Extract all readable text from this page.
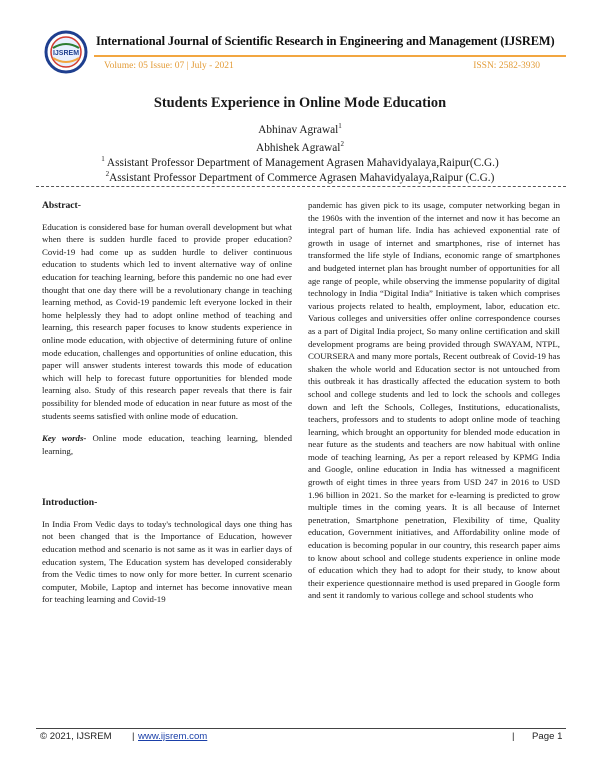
IJSREM
International Journal of Scientific Research in Engineering and Management (IJSREM)
Volume: 05 Issue: 07 | July - 2021	ISSN: 2582-3930
Students Experience in Online Mode Education
Abhinav Agrawal$^1$
Abhishek Agrawal$^2$
$^1$ Assistant Professor Department of Management Agrasen Mahavidyalaya,Raipur(C.G.)
$^2$Assistant Professor Department of Commerce Agrasen Mahavidyalaya,Raipur (C.G.)

Abstract-

Education is considered base for human overall development but what when there is sudden hurdle faced to provide proper education? Covid-19 had come up as sudden hurdle to deliver continuous education to students which led to invent alternative way of online education for teaching learning, before this pandemic no one had ever thought that one day there will be a revolutionary change in teaching learning method, as Covid-19 pandemic left everyone locked in their home helplessly they had to adopt online method of teaching and learning, this research paper focuses to know students experience in online mode education, with objective of determining future of online mode education, challenges and opportunities of online education, this paper will answer students interest towards this mode of education which will help to forecast future opportunities for blended mode learning also. Study of this research paper reveals that there is fair possibility for blended mode of education in near future as most of the students seems satisfied with online mode of education.

Key words- Online mode education, teaching learning, blended learning,

Introduction-

In India From Vedic days to today's technological days one thing has not been changed that is the Importance of Education, however education method and scenario is not same as it was in earlier days of education system, The Education system has developed considerably from the Vedic times to now only for more better. In current scenario computer, Mobile, Laptop and internet has become innovative mean for teaching learning and Covid-19

pandemic has given pick to its usage, computer networking began in the 1960s with the invention of the internet and now it has become an integral part of human life. India has achieved exponential rate of growth in usage of internet and smartphones, rise of internet has transformed the life style of Indians, economic range of smartphones and budgeted internet plan has brought number of opportunities for all age range of people, while observing the immense popularity of digital technology in India “Digital India” Initiative is taken which comprises various projects related to health, employment, labor, education etc. Various colleges and universities offer online correspondence courses as a part of Digital India project, So many online certification and skill development programs are being provided through SWAYAM, NTPL, COURSERA and many more portals, Recent outbreak of Covid-19 has shaken the whole world and Education sector is not untouched from this outbreak it has drastically affected the education system to both school and college students and led to lock the schools and colleges down and left the Schools, Colleges, Institutions, educationalists, teachers, professors and to students to adopt online mode of teaching learning, which brought an opportunity for blended mode education in near future as the students and teachers are now habitual with online mode of teaching learning, As per a report released by KPMG India and Google, online education in India has witnessed a magnificent growth of eight times in three years from USD 247 in 2016 to USD 1.96 billion in 2021. So the market for e-learning is predicted to grow multiple times in the coming years. It is all because of Internet penetration, Smartphone penetration, Flexibility of time, Quality education, Government initiatives, and Affordability online mode of education is becoming popular in our country, this research paper aims to know about school and college students experience in online mode of education which they had to adopt for their study, to know about their experience questionnaire method is used prepared in Google form and sent it randomly to various college and school students who

© 2021, IJSREM | www.ijsrem.com	| Page 1
